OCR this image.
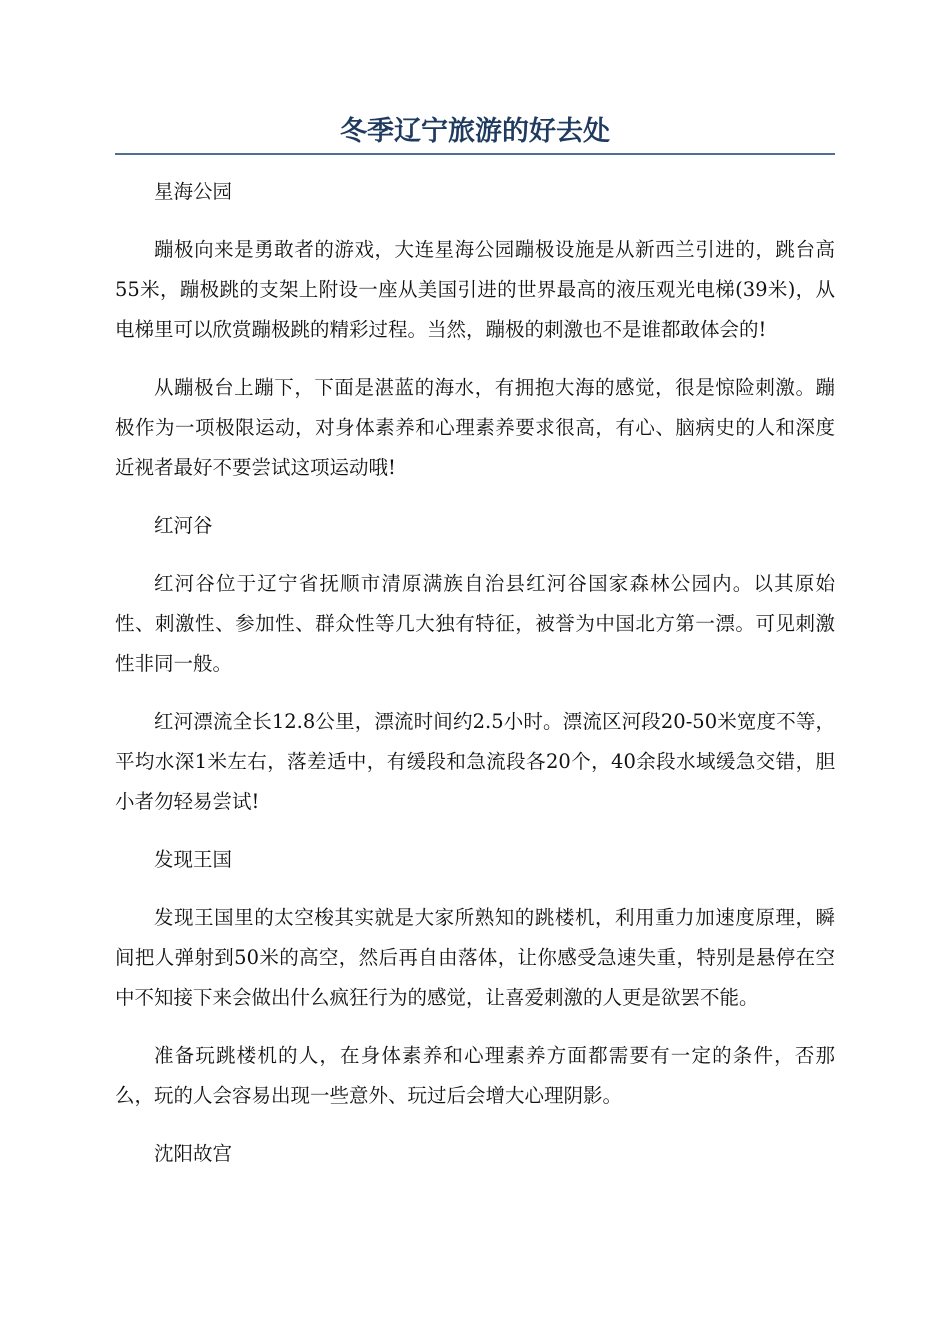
冬季辽宁旅游的好去处

星海公园

蹦极向来是勇敢者的游戏，大连星海公园蹦极设施是从新西兰引进的，跳台高55米，蹦极跳的支架上附设一座从美国引进的世界最高的液压观光电梯(39米)，从电梯里可以欣赏蹦极跳的精彩过程。当然，蹦极的刺激也不是谁都敢体会的!

从蹦极台上蹦下，下面是湛蓝的海水，有拥抱大海的感觉，很是惊险刺激。蹦极作为一项极限运动，对身体素养和心理素养要求很高，有心、脑病史的人和深度近视者最好不要尝试这项运动哦!

红河谷

红河谷位于辽宁省抚顺市清原满族自治县红河谷国家森林公园内。以其原始性、刺激性、参加性、群众性等几大独有特征，被誉为中国北方第一漂。可见刺激性非同一般。

红河漂流全长12.8公里，漂流时间约2.5小时。漂流区河段20-50米宽度不等，平均水深1米左右，落差适中，有缓段和急流段各20个，40余段水域缓急交错，胆小者勿轻易尝试!

发现王国

发现王国里的太空梭其实就是大家所熟知的跳楼机，利用重力加速度原理，瞬间把人弹射到50米的高空，然后再自由落体，让你感受急速失重，特别是悬停在空中不知接下来会做出什么疯狂行为的感觉，让喜爱刺激的人更是欲罢不能。

准备玩跳楼机的人，在身体素养和心理素养方面都需要有一定的条件，否那么，玩的人会容易出现一些意外、玩过后会增大心理阴影。

沈阳故宫
